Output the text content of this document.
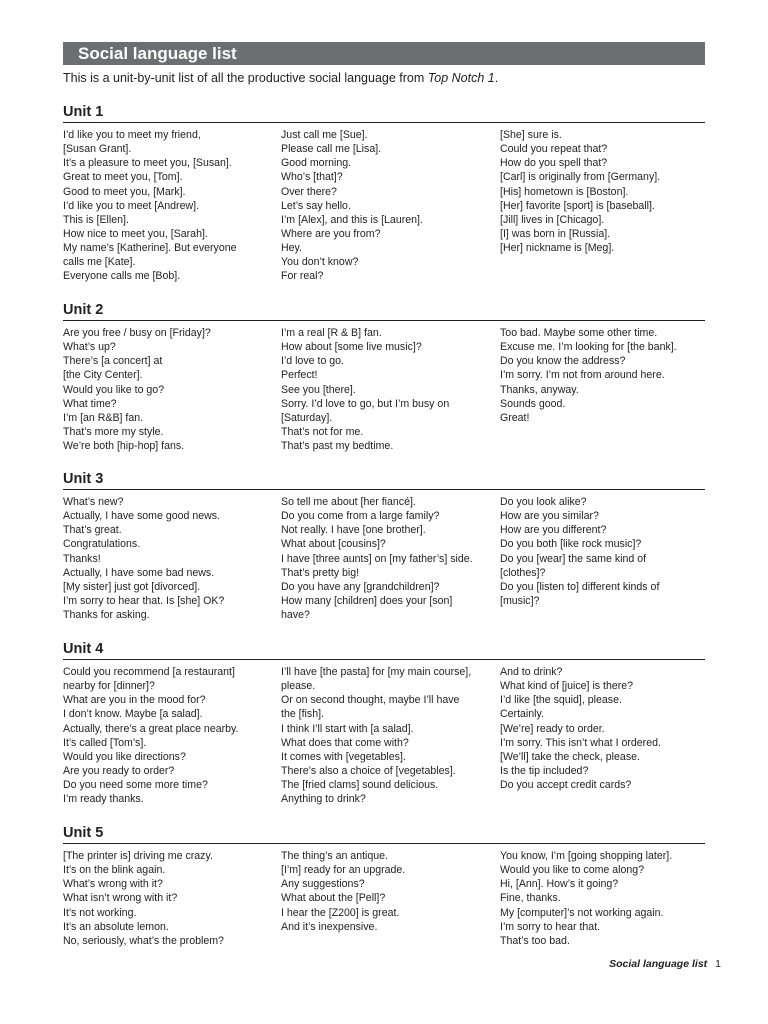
Social language list
This is a unit-by-unit list of all the productive social language from Top Notch 1.
Unit 1
I’d like you to meet my friend,
[Susan Grant].
It’s a pleasure to meet you, [Susan].
Great to meet you, [Tom].
Good to meet you, [Mark].
I’d like you to meet [Andrew].
This is [Ellen].
How nice to meet you, [Sarah].
My name’s [Katherine]. But everyone
calls me [Kate].
Everyone calls me [Bob].
Just call me [Sue].
Please call me [Lisa].
Good morning.
Who’s [that]?
Over there?
Let’s say hello.
I’m [Alex], and this is [Lauren].
Where are you from?
Hey.
You don’t know?
For real?
[She] sure is.
Could you repeat that?
How do you spell that?
[Carl] is originally from [Germany].
[His] hometown is [Boston].
[Her] favorite [sport] is [baseball].
[Jill] lives in [Chicago].
[I] was born in [Russia].
[Her] nickname is [Meg].
Unit 2
Are you free / busy on [Friday]?
What’s up?
There’s [a concert] at
[the City Center].
Would you like to go?
What time?
I’m [an R&B] fan.
That’s more my style.
We’re both [hip-hop] fans.
I’m a real [R & B] fan.
How about [some live music]?
I’d love to go.
Perfect!
See you [there].
Sorry. I’d love to go, but I’m busy on
[Saturday].
That’s not for me.
That’s past my bedtime.
Too bad. Maybe some other time.
Excuse me. I’m looking for [the bank].
Do you know the address?
I’m sorry. I’m not from around here.
Thanks, anyway.
Sounds good.
Great!
Unit 3
What’s new?
Actually, I have some good news.
That’s great.
Congratulations.
Thanks!
Actually, I have some bad news.
[My sister] just got [divorced].
I’m sorry to hear that. Is [she] OK?
Thanks for asking.
So tell me about [her fiancé].
Do you come from a large family?
Not really. I have [one brother].
What about [cousins]?
I have [three aunts] on [my father’s] side.
That’s pretty big!
Do you have any [grandchildren]?
How many [children] does your [son]
have?
Do you look alike?
How are you similar?
How are you different?
Do you both [like rock music]?
Do you [wear] the same kind of
[clothes]?
Do you [listen to] different kinds of
[music]?
Unit 4
Could you recommend [a restaurant]
nearby for [dinner]?
What are you in the mood for?
I don’t know. Maybe [a salad].
Actually, there’s a great place nearby.
It’s called [Tom’s].
Would you like directions?
Are you ready to order?
Do you need some more time?
I’m ready thanks.
I’ll have [the pasta] for [my main course],
please.
Or on second thought, maybe I’ll have
the [fish].
I think I’ll start with [a salad].
What does that come with?
It comes with [vegetables].
There’s also a choice of [vegetables].
The [fried clams] sound delicious.
Anything to drink?
And to drink?
What kind of [juice] is there?
I’d like [the squid], please.
Certainly.
[We’re] ready to order.
I’m sorry. This isn’t what I ordered.
[We’ll] take the check, please.
Is the tip included?
Do you accept credit cards?
Unit 5
[The printer is] driving me crazy.
It’s on the blink again.
What’s wrong with it?
What isn’t wrong with it?
It’s not working.
It’s an absolute lemon.
No, seriously, what’s the problem?
The thing’s an antique.
[I’m] ready for an upgrade.
Any suggestions?
What about the [Pell]?
I hear the [Z200] is great.
And it’s inexpensive.
You know, I’m [going shopping later].
Would you like to come along?
Hi, [Ann]. How’s it going?
Fine, thanks.
My [computer]’s not working again.
I’m sorry to hear that.
That’s too bad.
Social language list 1
